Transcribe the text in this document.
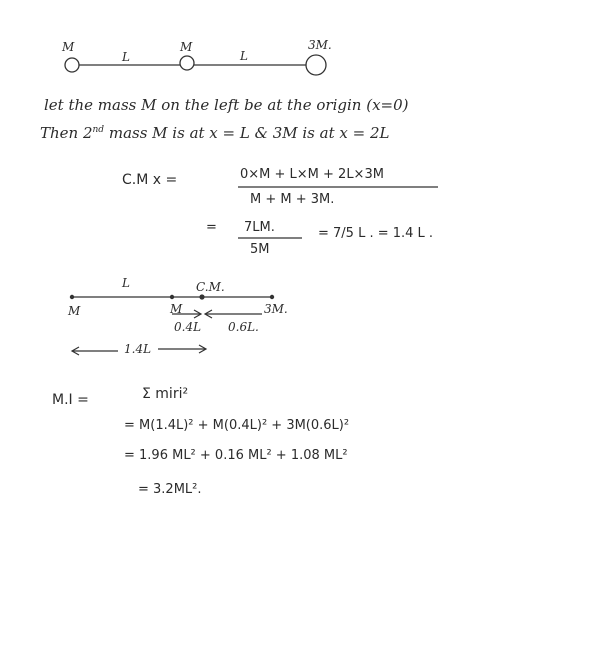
M
L
M
L
3M.
let the mass M on the left be at the origin (x=0)
Then 2nd mass M is at x = L & 3M is at x = 2L
C.M x =	0×M + L×M + 2L×3M
M + M + 3M.
= 7LM.
5M
= 7/5 L . = 1.4 L .
L	C.M.
M	M	3M.
0.4L 0.6L.
1.4L
M.I =	Σ miri²
= M(1.4L)² + M(0.4L)² + 3M(0.6L)²
= 1.96 ML² + 0.16 ML² + 1.08 ML²
= 3.2ML².
